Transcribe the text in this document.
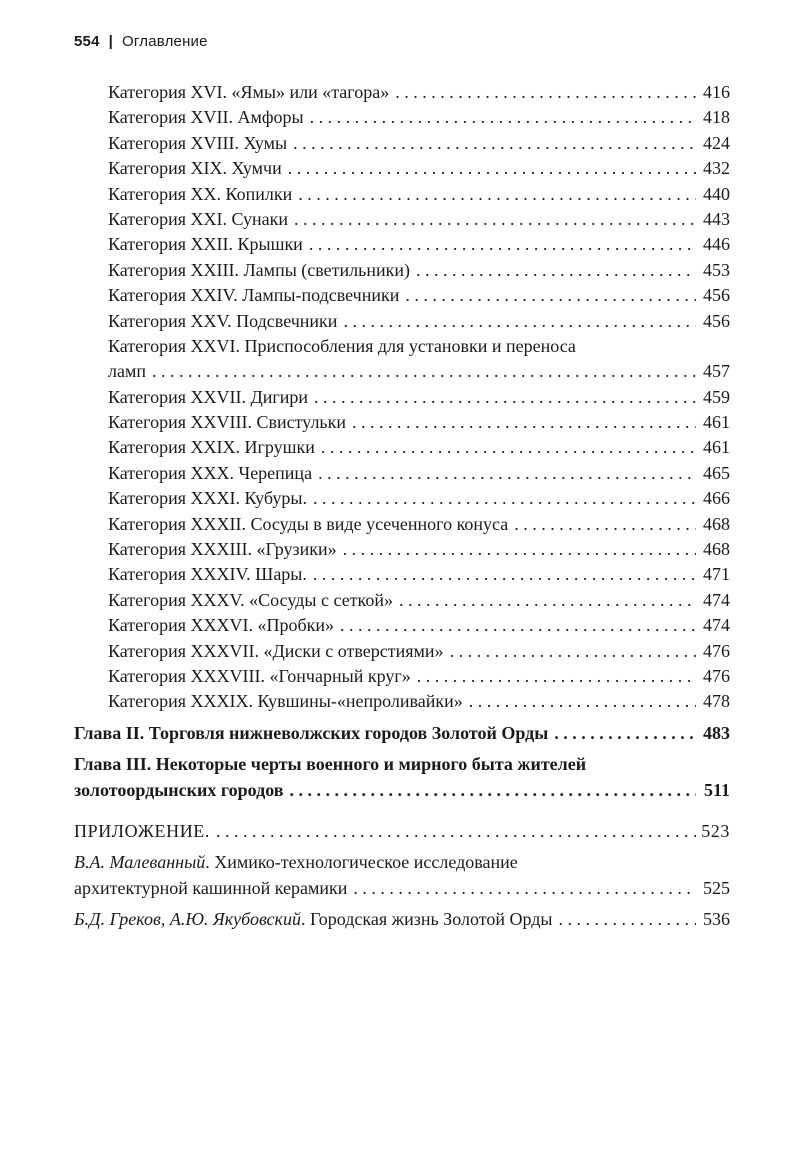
554 | Оглавление
Категория XVI. «Ямы» или «тагора» . . .	416
Категория XVII. Амфоры . . .	418
Категория XVIII. Хумы . . .	424
Категория XIX. Хумчи . . .	432
Категория XX. Копилки . . .	440
Категория XXI. Сунаки . . .	443
Категория XXII. Крышки . . .	446
Категория XXIII. Лампы (светильники) . . .	453
Категория XXIV. Лампы-подсвечники . . .	456
Категория XXV. Подсвечники . . .	456
Категория XXVI. Приспособления для установки и переноса
ламп . . .	457
Категория XXVII. Дигири . . .	459
Категория XXVIII. Свистульки . . .	461
Категория XXIX. Игрушки . . .	461
Категория XXX. Черепица . . .	465
Категория XXXI. Кубуры. . . .	466
Категория XXXII. Сосуды в виде усеченного конуса . . .	468
Категория XXXIII. «Грузики» . . .	468
Категория XXXIV. Шары. . . .	471
Категория XXXV. «Сосуды с сеткой» . . .	474
Категория XXXVI. «Пробки» . . .	474
Категория XXXVII. «Диски с отверстиями» . . .	476
Категория XXXVIII. «Гончарный круг» . . .	476
Категория XXXIX. Кувшины-«непроливайки» . . .	478
Глава II. Торговля нижневолжских городов Золотой Орды . . .	483
Глава III. Некоторые черты военного и мирного быта жителей
золотоордынских городов . . .	511
ПРИЛОЖЕНИЕ. . . .	523
В.А. Малеванный. Химико-технологическое исследование
архитектурной кашинной керамики . . .	525
Б.Д. Греков, А.Ю. Якубовский. Городская жизнь Золотой Орды . . .	536
